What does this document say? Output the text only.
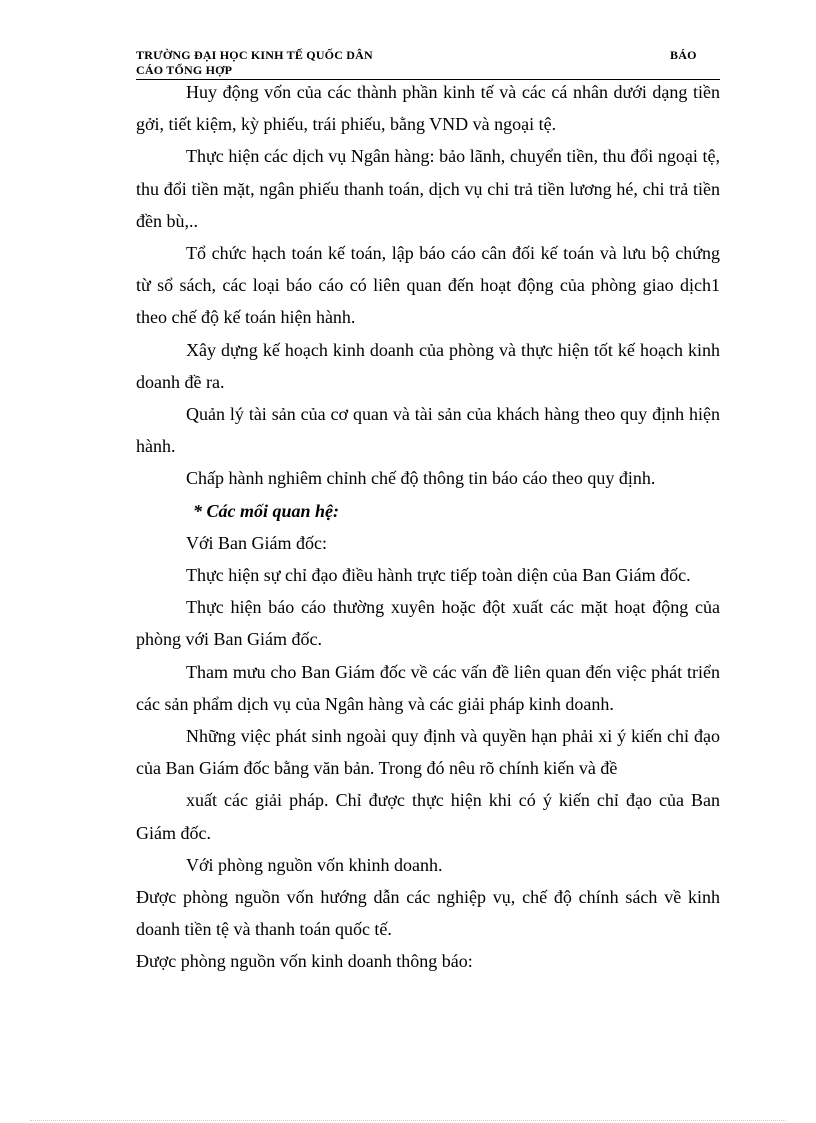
TRƯỜNG ĐẠI HỌC KINH TẾ QUỐC DÂN	BÁO
CÁO TỔNG HỢP

Huy động vốn của các thành phần kinh tế và các cá nhân dưới dạng tiền gởi, tiết kiệm, kỳ phiếu, trái phiếu, bằng VND và ngoại tệ.

Thực hiện các dịch vụ Ngân hàng: bảo lãnh, chuyển tiền, thu đổi ngoại tệ, thu đổi tiền mặt, ngân phiếu thanh toán, dịch vụ chi trả tiền lương hé, chi trả tiền đền bù,..

Tổ chức hạch toán kế toán, lập báo cáo cân đối kế toán và lưu bộ chứng từ sổ sách, các loại báo cáo có liên quan đến hoạt động của phòng giao dịch1 theo chế độ kế toán hiện hành.

Xây dựng kế hoạch kinh doanh của phòng và thực hiện tốt kế hoạch kinh doanh đề ra.

Quản lý tài sản của cơ quan và tài sản của khách hàng theo quy định hiện hành.

Chấp hành nghiêm chỉnh chế độ thông tin báo cáo theo quy định.

* Các mối quan hệ:

Với Ban Giám đốc:

Thực hiện sự chỉ đạo điều hành trực tiếp toàn diện của Ban Giám đốc.

Thực hiện báo cáo thường xuyên hoặc đột xuất các mặt hoạt động của phòng với Ban Giám đốc.

Tham mưu cho Ban Giám đốc về các vấn đề liên quan đến việc phát triển các sản phẩm dịch vụ của Ngân hàng và các giải pháp kinh doanh.

Những việc phát sinh ngoài quy định và quyền hạn phải xi ý kiến chỉ đạo của Ban Giám đốc bằng văn bản. Trong đó nêu rõ chính kiến và đề

xuất các giải pháp. Chỉ được thực hiện khi có ý kiến chỉ đạo của Ban Giám đốc.

Với phòng nguồn vốn khinh doanh.

Được phòng nguồn vốn hướng dẫn các nghiệp vụ, chế độ chính sách về kinh doanh tiền tệ và thanh toán quốc tế.

Được phòng nguồn vốn kinh doanh thông báo:
